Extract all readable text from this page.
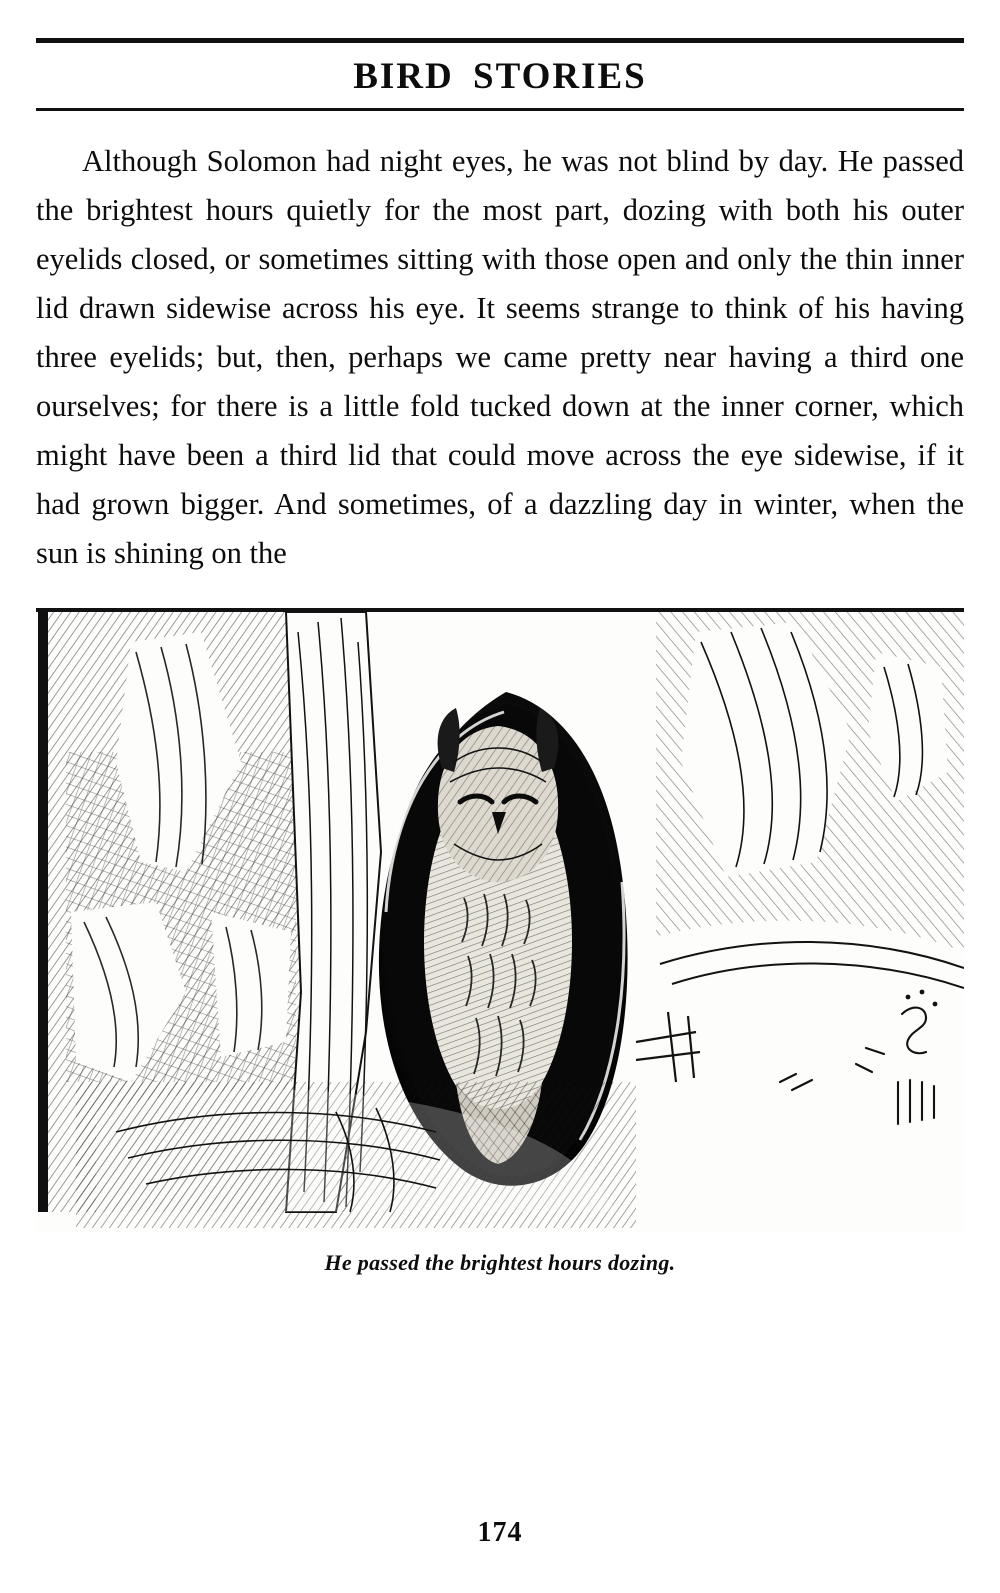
BIRD STORIES

Although Solomon had night eyes, he was not blind by day. He passed the brightest hours quietly for the most part, dozing with both his outer eyelids closed, or sometimes sitting with those open and only the thin inner lid drawn sidewise across his eye. It seems strange to think of his having three eyelids; but, then, perhaps we came pretty near having a third one ourselves; for there is a little fold tucked down at the inner corner, which might have been a third lid that could move across the eye sidewise, if it had grown bigger. And sometimes, of a dazzling day in winter, when the sun is shining on the

He passed the brightest hours dozing.
174
